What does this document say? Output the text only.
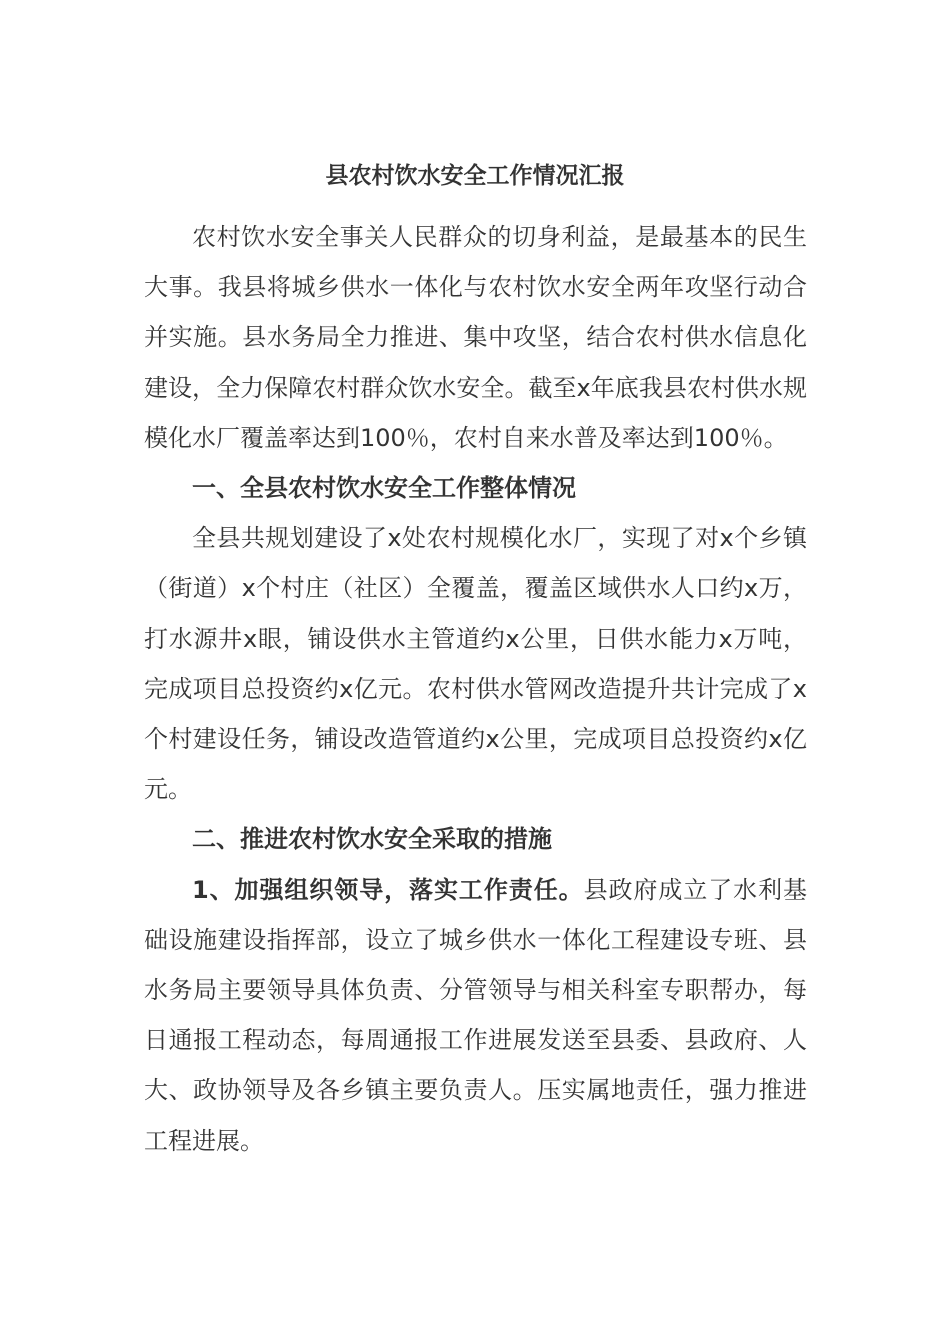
县农村饮水安全工作情况汇报

农村饮水安全事关人民群众的切身利益，是最基本的民生大事。我县将城乡供水一体化与农村饮水安全两年攻坚行动合并实施。县水务局全力推进、集中攻坚，结合农村供水信息化建设，全力保障农村群众饮水安全。截至x年底我县农村供水规模化水厂覆盖率达到100％，农村自来水普及率达到100％。

一、全县农村饮水安全工作整体情况

全县共规划建设了x处农村规模化水厂，实现了对x个乡镇（街道）x个村庄（社区）全覆盖，覆盖区域供水人口约x万，打水源井x眼，铺设供水主管道约x公里，日供水能力x万吨，完成项目总投资约x亿元。农村供水管网改造提升共计完成了x个村建设任务，铺设改造管道约x公里，完成项目总投资约x亿元。

二、推进农村饮水安全采取的措施

1、加强组织领导，落实工作责任。县政府成立了水利基础设施建设指挥部，设立了城乡供水一体化工程建设专班、县水务局主要领导具体负责、分管领导与相关科室专职帮办，每日通报工程动态，每周通报工作进展发送至县委、县政府、人大、政协领导及各乡镇主要负责人。压实属地责任，强力推进工程进展。
